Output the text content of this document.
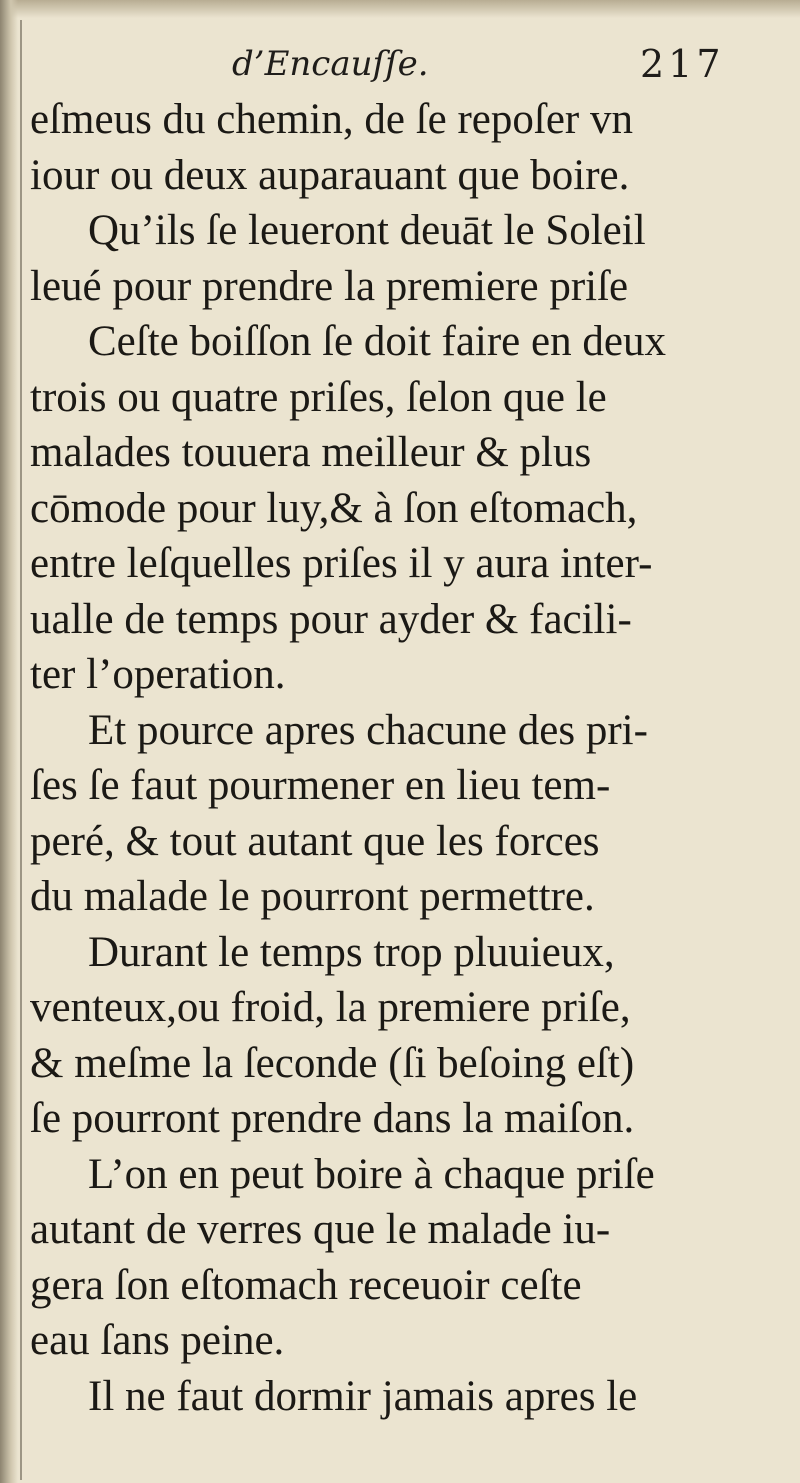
d’Encauſſe.	217
eſmeus du chemin, de ſe repoſer vn
iour ou deux auparauant que boire.
Qu’ils ſe leueront deuāt le Soleil
leué pour prendre la premiere priſe
Ceſte boiſſon ſe doit faire en deux
trois ou quatre priſes, ſelon que le
malades touuera meilleur & plus
cōmode pour luy,& à ſon eſtomach,
entre leſquelles priſes il y aura inter-
ualle de temps pour ayder & facili-
ter l’operation.
Et pource apres chacune des pri-
ſes ſe faut pourmener en lieu tem-
peré, & tout autant que les forces
du malade le pourront permettre.
Durant le temps trop pluuieux,
venteux,ou froid, la premiere priſe,
& meſme la ſeconde (ſi beſoing eſt)
ſe pourront prendre dans la maiſon.
L’on en peut boire à chaque priſe
autant de verres que le malade iu-
gera ſon eſtomach receuoir ceſte
eau ſans peine.
Il ne faut dormir jamais apres le
